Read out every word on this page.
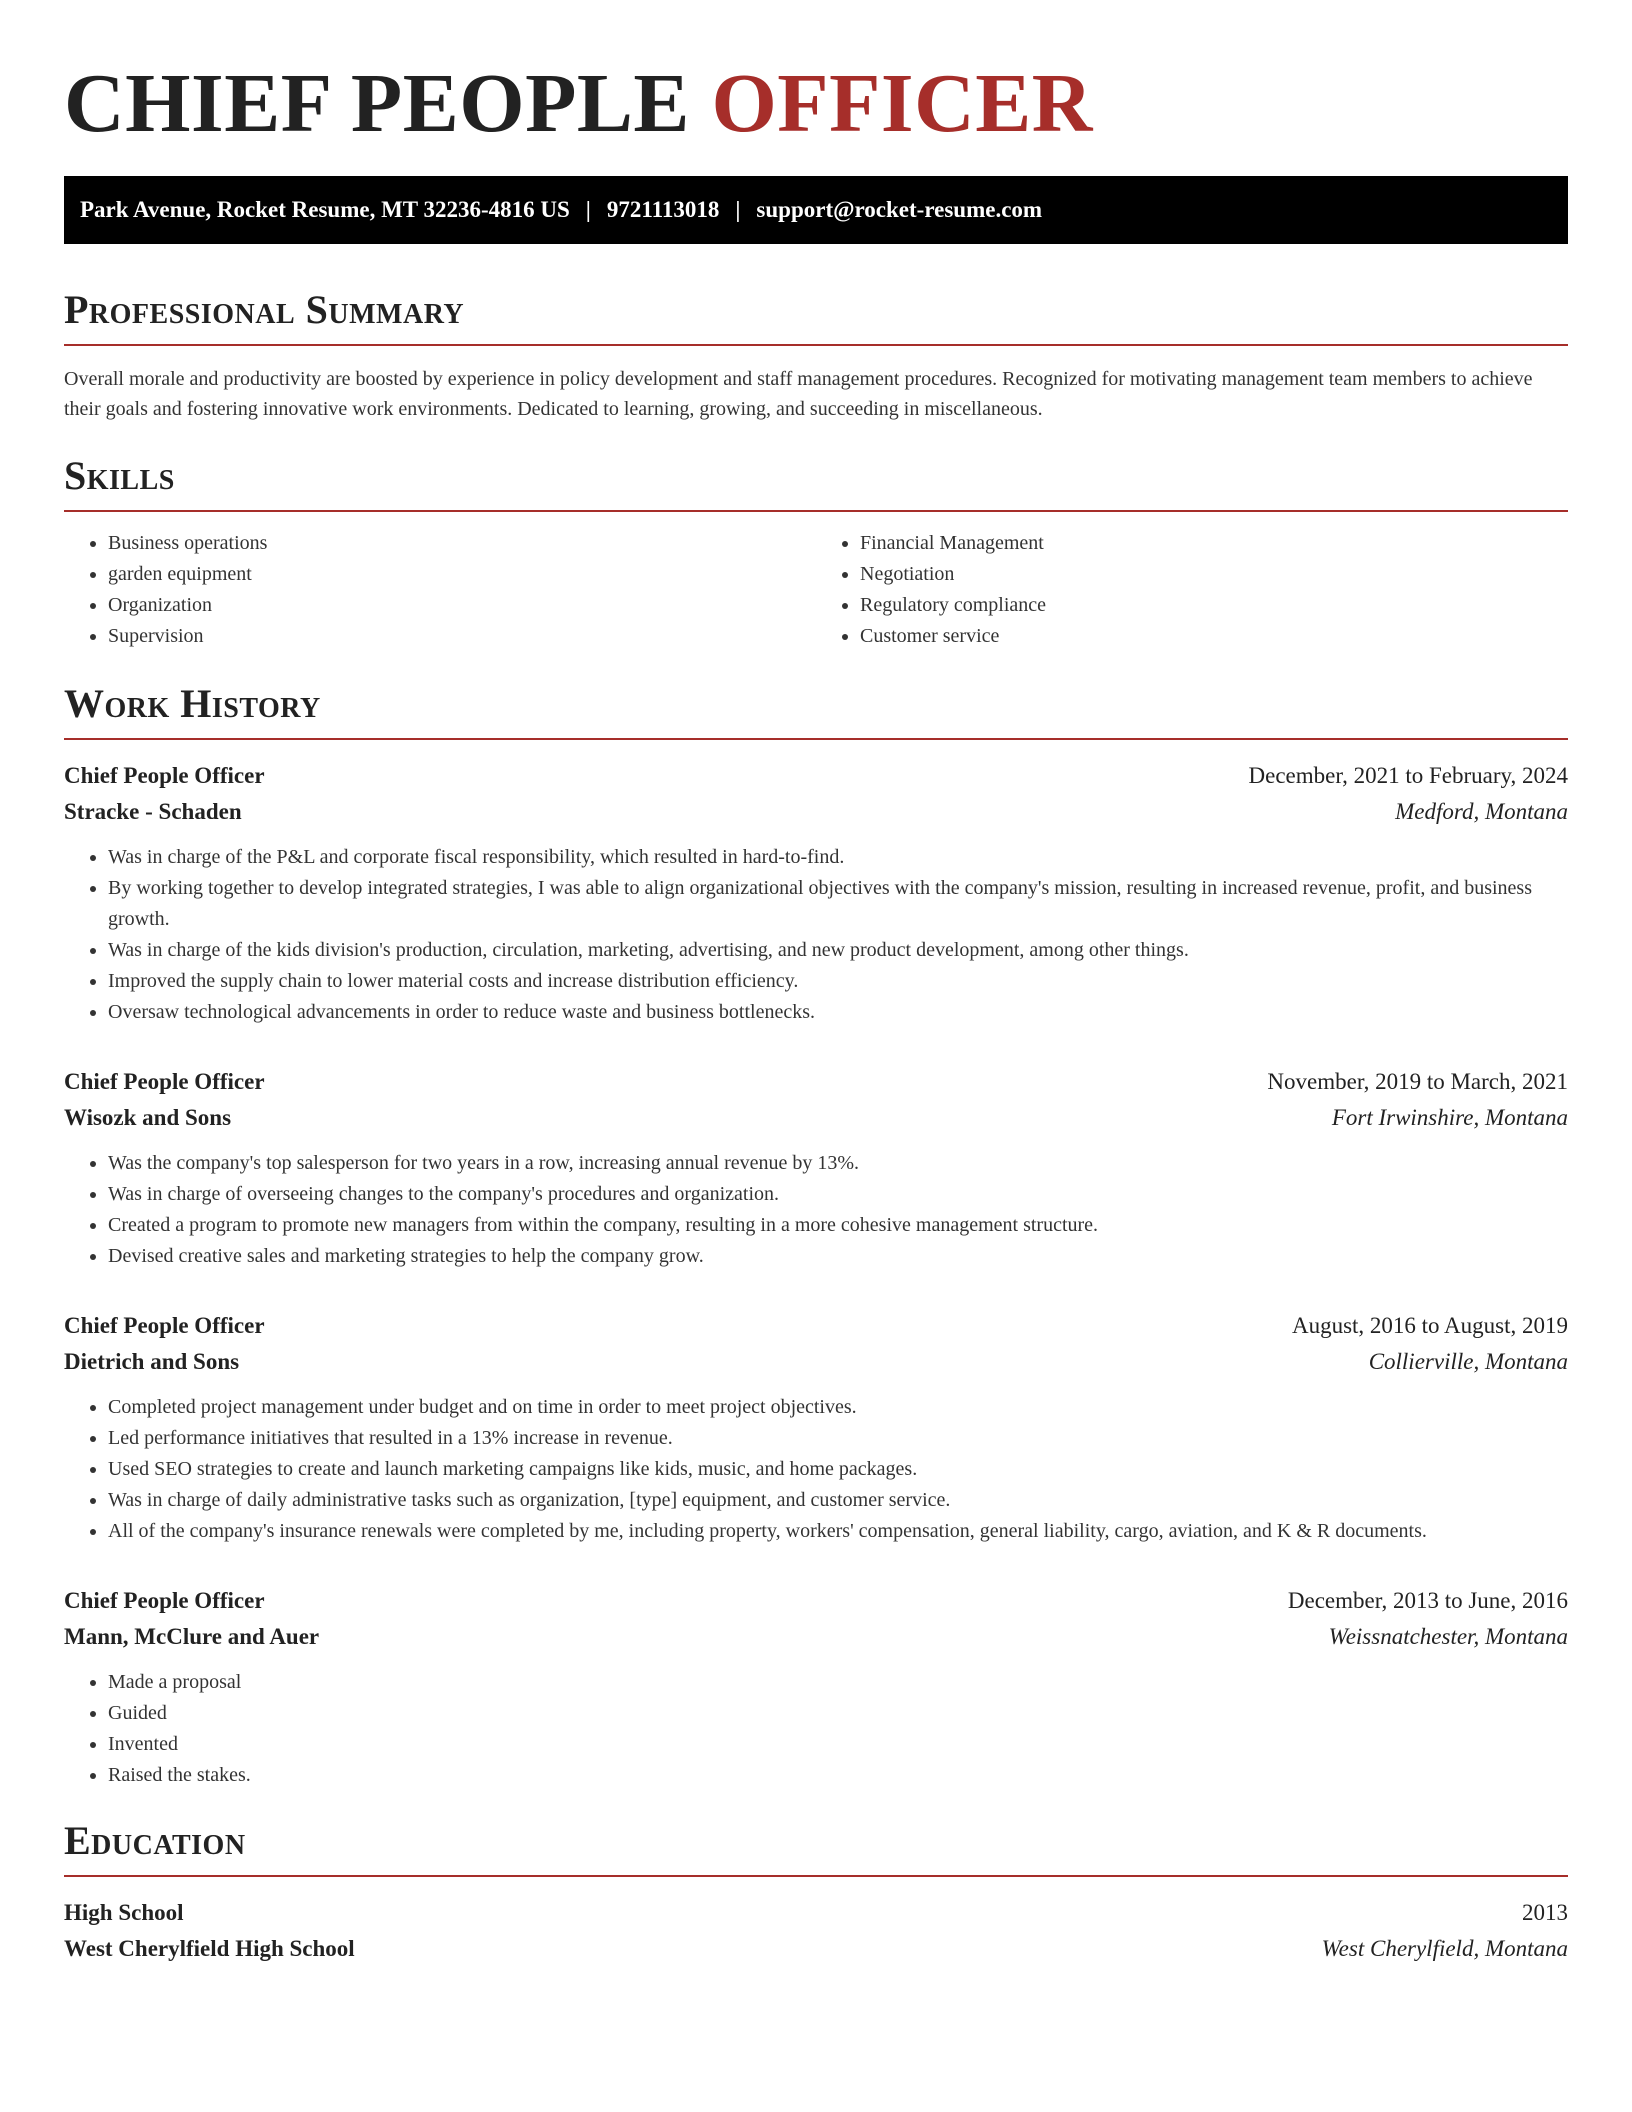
CHIEF PEOPLE OFFICER
Park Avenue, Rocket Resume, MT 32236-4816 US | 9721113018 | support@rocket-resume.com
Professional Summary

Overall morale and productivity are boosted by experience in policy development and staff management procedures. Recognized for motivating management team members to achieve their goals and fostering innovative work environments. Dedicated to learning, growing, and succeeding in miscellaneous.

Skills
• Business operations
• garden equipment
• Organization
• Supervision
• Financial Management
• Negotiation
• Regulatory compliance
• Customer service
Work History
Chief People Officer	December, 2021 to February, 2024
Stracke - Schaden	Medford, Montana
• Was in charge of the P&L and corporate fiscal responsibility, which resulted in hard-to-find.
• By working together to develop integrated strategies, I was able to align organizational objectives with the company's mission, resulting in increased revenue, profit, and business growth.
• Was in charge of the kids division's production, circulation, marketing, advertising, and new product development, among other things.
• Improved the supply chain to lower material costs and increase distribution efficiency.
• Oversaw technological advancements in order to reduce waste and business bottlenecks.
Chief People Officer	November, 2019 to March, 2021
Wisozk and Sons	Fort Irwinshire, Montana
• Was the company's top salesperson for two years in a row, increasing annual revenue by 13%.
• Was in charge of overseeing changes to the company's procedures and organization.
• Created a program to promote new managers from within the company, resulting in a more cohesive management structure.
• Devised creative sales and marketing strategies to help the company grow.
Chief People Officer	August, 2016 to August, 2019
Dietrich and Sons	Collierville, Montana
• Completed project management under budget and on time in order to meet project objectives.
• Led performance initiatives that resulted in a 13% increase in revenue.
• Used SEO strategies to create and launch marketing campaigns like kids, music, and home packages.
• Was in charge of daily administrative tasks such as organization, [type] equipment, and customer service.
• All of the company's insurance renewals were completed by me, including property, workers' compensation, general liability, cargo, aviation, and K & R documents.
Chief People Officer	December, 2013 to June, 2016
Mann, McClure and Auer	Weissnatchester, Montana
• Made a proposal
• Guided
• Invented
• Raised the stakes.
Education
High School	2013
West Cherylfield High School	West Cherylfield, Montana
